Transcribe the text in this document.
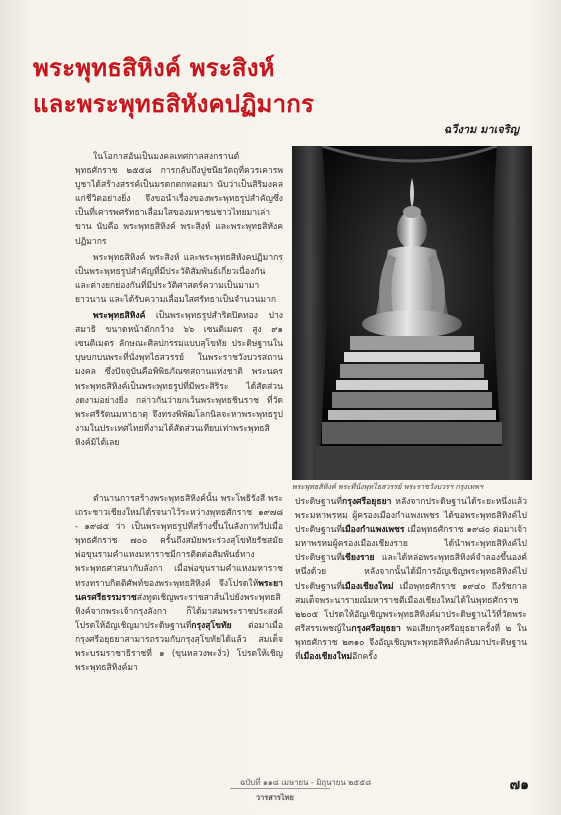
พระพุทธสิหิงค์ พระสิงห์
และพระพุทธสิหังคปฏิมากร
ฉวีงาม มาเจริญ

ในโอกาสอันเป็นมงคลเทศกาลสงกรานต์ พุทธศักราช ๒๕๕๘ การกลับถึงปูชนียวัตถุที่ควรเคารพบูชาได้สร้างสรรค์เป็นมรดกตกทอดมา นับว่าเป็นสิริมงคลแก่ชีวิตอย่างยิ่ง จึงขอนำเรื่องของพระพุทธรูปสำคัญซึ่งเป็นที่เคารพศรัทธาเลื่อมใสของมหาชนชาวไทยมาเล่าขาน นับคือ พระพุทธสิหิงค์ พระสิงห์ และพระพุทธสิหังคปฏิมากร

พระพุทธสิหิงค์ พระสิงห์ และพระพุทธสิหังคปฏิมากร เป็นพระพุทธรูปสำคัญที่มีประวัติสัมพันธ์เกี่ยวเนื่องกัน และต่างยกย่องกันที่มีประวัติศาสตร์ความเป็นมามายาวนาน และได้รับความเลื่อมใสศรัทธาเป็นจำนวนมาก

พระพุทธสิหิงค์ เป็นพระพุทธรูปสำริดปิดทอง ปางสมาธิ ขนาดหน้าตักกว้าง ๖๖ เซนติเมตร สูง ๙๑ เซนติเมตร ลักษณะศิลปกรรมแบบสุโขทัย ประดิษฐานในบุษบกบนพระที่นั่งพุทไธสวรรย์ ในพระราชวังบวรสถานมงคล ซึ่งปัจจุบันคือพิพิธภัณฑสถานแห่งชาติ พระนคร พระพุทธสิหิงค์เป็นพระพุทธรูปที่มีพระสิริระ ได้สัดส่วนงดงามอย่างยิ่ง กล่าวกันว่ายกเว้นพระพุทธชินราช ที่วัดพระศรีรัตนมหาธาตุ จึงทรงพิพัฒโลกนิลจะหาพระพุทธรูปงามในประเทศไทยที่งามได้สัดส่วนเทียบเท่าพระพุทธสิหิงค์มิได้เลย

ตำนานการสร้างพระพุทธสิหิงค์นั้น พระโพธิรังสี พระเถระชาวเชียงใหม่ได้รจนาไว้ระหว่างพุทธศักราช ๑๙๗๘ - ๑๙๘๕ ว่า เป็นพระพุทธรูปที่สร้างขึ้นในลังกาทวีปเมื่อพุทธศักราช ๗๐๐ ครั้นถึงสมัยพระร่วงสุโขทัยรัชสมัยพ่อขุนรามคำแหงมหาราชมีการติดต่อสัมพันธ์ทางพระพุทธศาสนากับลังกา เมื่อพ่อขุนรามคำแหงมหาราชทรงทราบกิตติศัพท์ของพระพุทธสิหิงค์ จึงโปรดให้พระยานครศรีธรรมราชส่งทูตเชิญพระราชสาส์นไปยังพระพุทธสิหิงค์จากพระเจ้ากรุงลังกา ก็ได้มาสมพระราชประสงค์ โปรดให้อัญเชิญมาประดิษฐานที่กรุงสุโขทัย ต่อมาเมื่อกรุงศรีอยุธยาสามารถรวมกับกรุงสุโขทัยได้แล้ว สมเด็จพระบรมราชาธิราชที่ ๑ (ขุนหลวงพะงั่ว) โปรดให้เชิญพระพุทธสิหิงค์มา

พระพุทธสิหิงค์ พระที่นั่งพุทไธสวรรย์ พระราชวังบวรฯ กรุงเทพฯ

ประดิษฐานที่กรุงศรีอยุธยา หลังจากประดิษฐานได้ระยะหนึ่งแล้ว พระมหาพรหม ผู้ครองเมืองกำแพงเพชร ได้ขอพระพุทธสิหิงค์ไปประดิษฐานที่เมืองกำแพงเพชร เมื่อพุทธศักราช ๑๙๘๐ ต่อมาเจ้ามหาพรหมผู้ครองเมืองเชียงราย ได้นำพระพุทธสิหิงค์ไปประดิษฐานที่เชียงราย และได้หล่อพระพุทธสิหิงค์จำลองขึ้นองค์หนึ่งด้วย หลังจากนั้นได้มีการอัญเชิญพระพุทธสิหิงค์ไปประดิษฐานที่เมืองเชียงใหม่ เมื่อพุทธศักราช ๑๙๔๐ ถึงรัชกาลสมเด็จพระนารายณ์มหาราชตีเมืองเชียงใหม่ได้ในพุทธศักราช ๒๒๐๕ โปรดให้อัญเชิญพระพุทธสิหิงค์มาประดิษฐานไว้ที่วัดพระศรีสรรเพชญ์ในกรุงศรีอยุธยา พอเสียกรุงศรีอยุธยาครั้งที่ ๒ ในพุทธศักราช ๒๓๑๐ จึงอัญเชิญพระพุทธสิหิงค์กลับมาประดิษฐานที่เมืองเชียงใหม่อีกครั้ง

ฉบับที่ ๑๑๘ เมษายน - มิถุนายน ๒๕๕๘
วารสารไทย
๗๑
